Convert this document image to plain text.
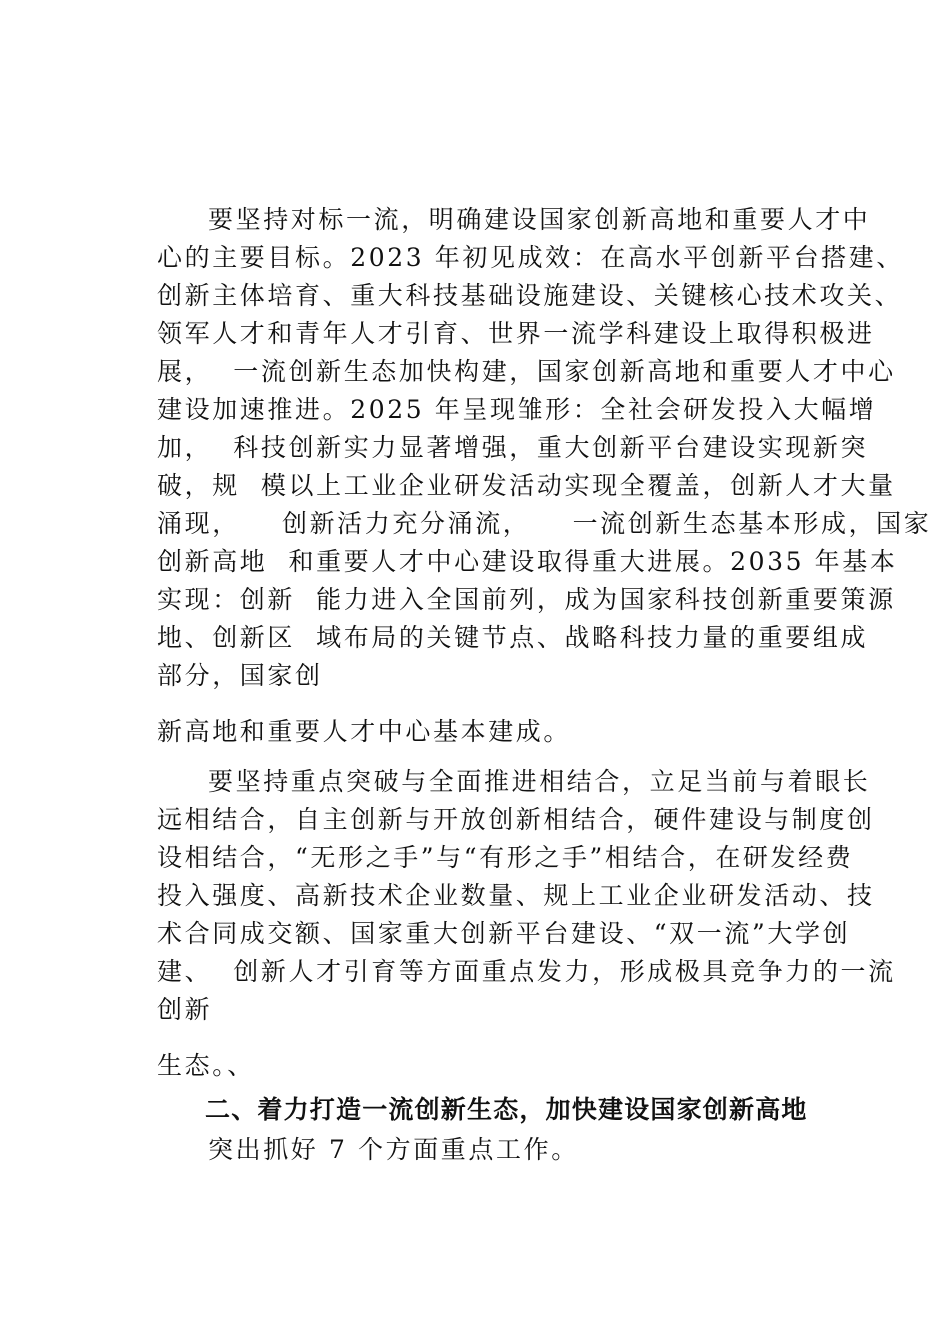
要坚持对标一流，明确建设国家创新高地和重要人才中
心的主要目标。2023 年初见成效：在高水平创新平台搭建、
创新主体培育、重大科技基础设施建设、关键核心技术攻关、
领军人才和青年人才引育、世界一流学科建设上取得积极进
展，  一流创新生态加快构建，国家创新高地和重要人才中心
建设加速推进。2025 年呈现雏形：全社会研发投入大幅增
加，  科技创新实力显著增强，重大创新平台建设实现新突
破，规  模以上工业企业研发活动实现全覆盖，创新人才大量
涌现，    创新活力充分涌流，    一流创新生态基本形成，国家
创新高地  和重要人才中心建设取得重大进展。2035 年基本
实现：创新  能力进入全国前列，成为国家科技创新重要策源
地、创新区  域布局的关键节点、战略科技力量的重要组成
部分，国家创
新高地和重要人才中心基本建成。
要坚持重点突破与全面推进相结合，立足当前与着眼长
远相结合，自主创新与开放创新相结合，硬件建设与制度创
设相结合，“无形之手”与“有形之手”相结合，在研发经费
投入强度、高新技术企业数量、规上工业企业研发活动、技
术合同成交额、国家重大创新平台建设、“双一流”大学创
建、  创新人才引育等方面重点发力，形成极具竞争力的一流
创新
生态。、
二、着力打造一流创新生态，加快建设国家创新高地
突出抓好 7 个方面重点工作。
